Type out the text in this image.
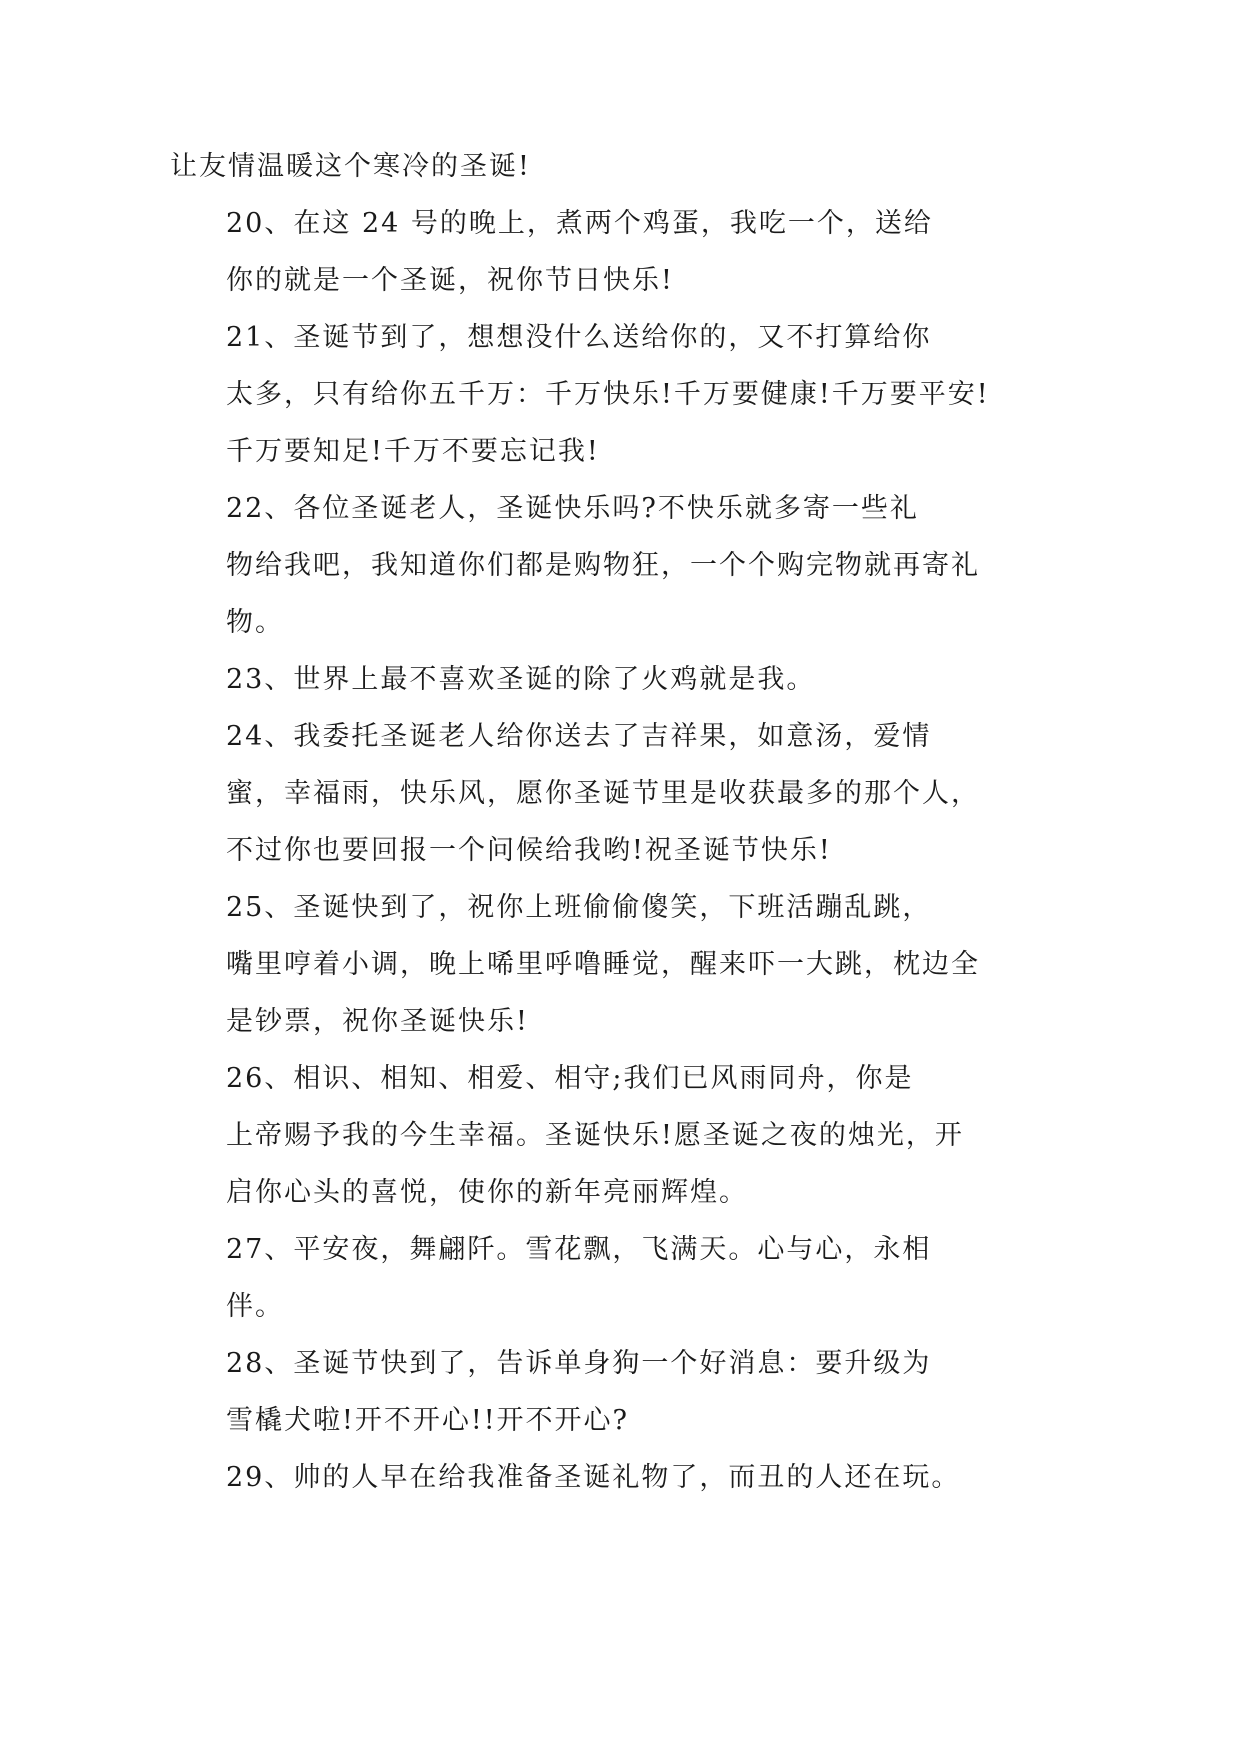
让友情温暖这个寒冷的圣诞!

20、在这 24 号的晚上，煮两个鸡蛋，我吃一个，送给
你的就是一个圣诞，祝你节日快乐!

21、圣诞节到了，想想没什么送给你的，又不打算给你
太多，只有给你五千万：千万快乐!千万要健康!千万要平安!
千万要知足!千万不要忘记我!

22、各位圣诞老人，圣诞快乐吗?不快乐就多寄一些礼
物给我吧，我知道你们都是购物狂，一个个购完物就再寄礼
物。

23、世界上最不喜欢圣诞的除了火鸡就是我。

24、我委托圣诞老人给你送去了吉祥果，如意汤，爱情
蜜，幸福雨，快乐风，愿你圣诞节里是收获最多的那个人，
不过你也要回报一个问候给我哟!祝圣诞节快乐!

25、圣诞快到了，祝你上班偷偷傻笑，下班活蹦乱跳，
嘴里哼着小调，晚上唏里呼噜睡觉，醒来吓一大跳，枕边全
是钞票，祝你圣诞快乐!

26、相识、相知、相爱、相守;我们已风雨同舟，你是
上帝赐予我的今生幸福。圣诞快乐!愿圣诞之夜的烛光，开
启你心头的喜悦，使你的新年亮丽辉煌。

27、平安夜，舞翩阡。雪花飘，飞满天。心与心，永相
伴。

28、圣诞节快到了，告诉单身狗一个好消息：要升级为
雪橇犬啦!开不开心!!开不开心?

29、帅的人早在给我准备圣诞礼物了，而丑的人还在玩。
